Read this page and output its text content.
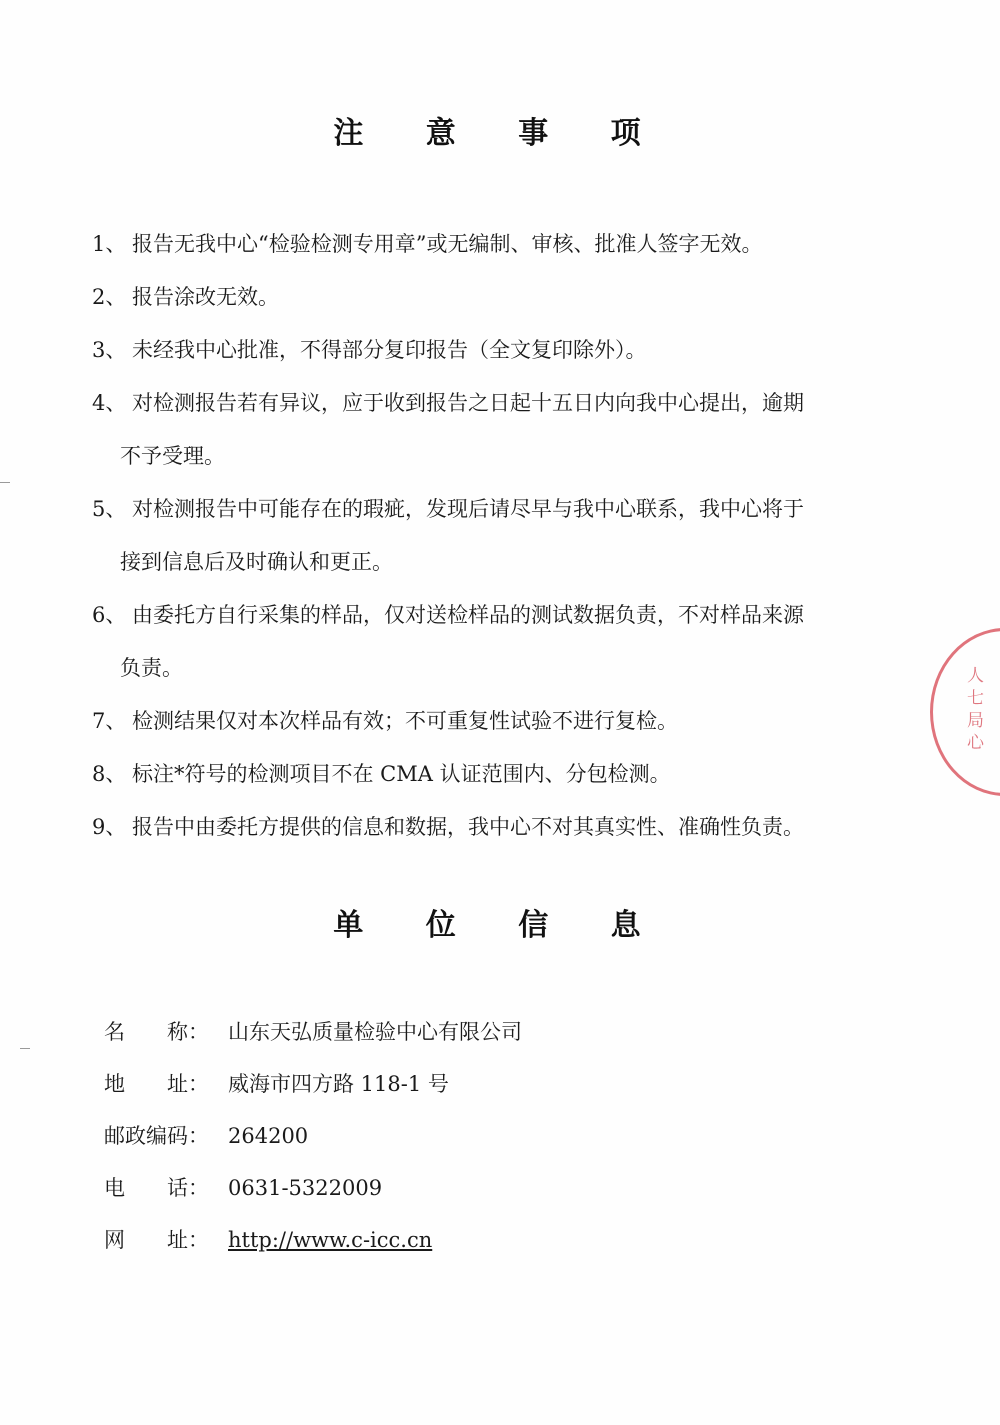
注 意 事 项
1、 报告无我中心“检验检测专用章”或无编制、审核、批准人签字无效。
2、 报告涂改无效。
3、 未经我中心批准，不得部分复印报告（全文复印除外）。
4、 对检测报告若有异议，应于收到报告之日起十五日内向我中心提出，逾期
不予受理。
5、 对检测报告中可能存在的瑕疵，发现后请尽早与我中心联系，我中心将于
接到信息后及时确认和更正。
6、 由委托方自行采集的样品，仅对送检样品的测试数据负责，不对样品来源
负责。
7、 检测结果仅对本次样品有效；不可重复性试验不进行复检。
8、 标注*符号的检测项目不在 CMA 认证范围内、分包检测。
9、 报告中由委托方提供的信息和数据，我中心不对其真实性、准确性负责。
单 位 信 息
名　　称： 山东天弘质量检验中心有限公司
地　　址： 威海市四方路 118-1 号
邮政编码： 264200
电　　话： 0631-5322009
网　　址： http://www.c-icc.cn
人 七 局 心
